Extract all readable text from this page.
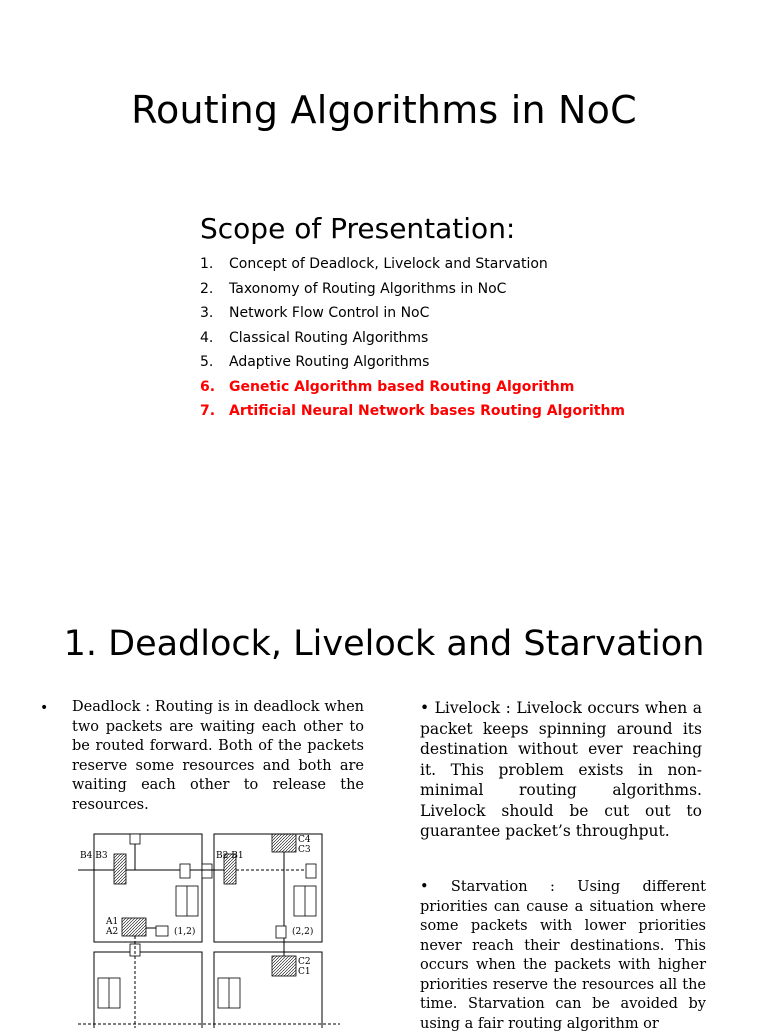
Routing Algorithms in NoC
Scope of Presentation:
1.	Concept of Deadlock, Livelock and Starvation
2.	Taxonomy of Routing Algorithms in NoC
3.	Network Flow Control in NoC
4.	Classical Routing Algorithms
5.	Adaptive Routing Algorithms
6. Genetic Algorithm based Routing Algorithm
7. Artificial Neural Network bases Routing Algorithm
1. Deadlock, Livelock and Starvation
• Deadlock : Routing is in deadlock when two packets are waiting each other to be routed forward. Both of the packets reserve some resources and both are waiting each other to release the resources.

• Livelock : Livelock occurs when a packet keeps spinning around its destination without ever reaching it. This problem exists in non-minimal routing algorithms. Livelock should be cut out to guarantee packet’s throughput.

• Starvation : Using different priorities can cause a situation where some packets with lower priorities never reach their destinations. This occurs when the packets with higher priorities reserve the resources all the time. Starvation can be avoided by using a fair routing algorithm or

B4 B3	B2 B1
C4
C3
A1
A2	(1,2)	(2,2)
C2
C1
